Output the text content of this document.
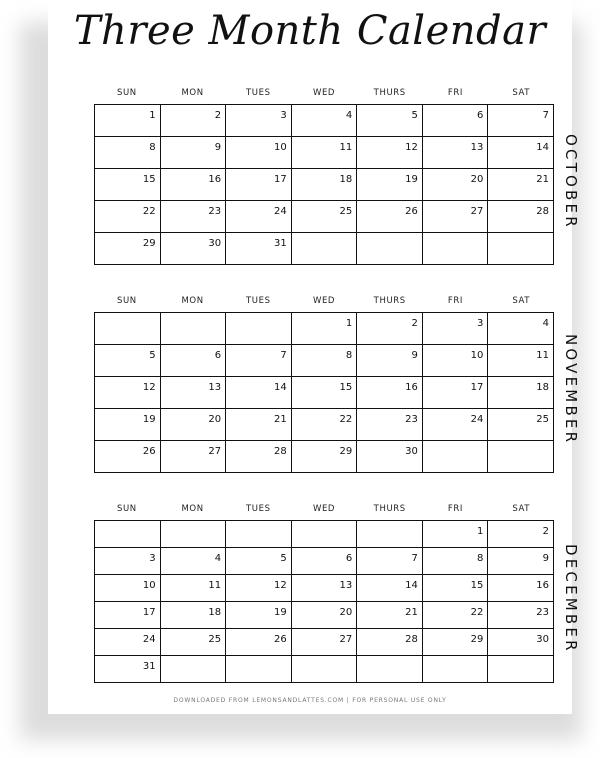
Three Month Calendar
SUN	MON	TUES	WED	THURS	FRI	SAT
1	2	3	4	5	6	7

8	9	10	11	12	13	14

15	16	17	18	19	20	21

22	23	24	25	26	27	28

29	30	31				

OCTOBER
SUN	MON	TUES	WED	THURS	FRI	SAT

			1	2	3	4

5	6	7	8	9	10	11

12	13	14	15	16	17	18

19	20	21	22	23	24	25

26	27	28	29	30		

NOVEMBER
SUN	MON	TUES	WED	THURS	FRI	SAT

					1	2

3	4	5	6	7	8	9

10	11	12	13	14	15	16

17	18	19	20	21	22	23

24	25	26	27	28	29	30

31						

DECEMBER
DOWNLOADED FROM LEMONSANDLATTES.COM | FOR PERSONAL USE ONLY
